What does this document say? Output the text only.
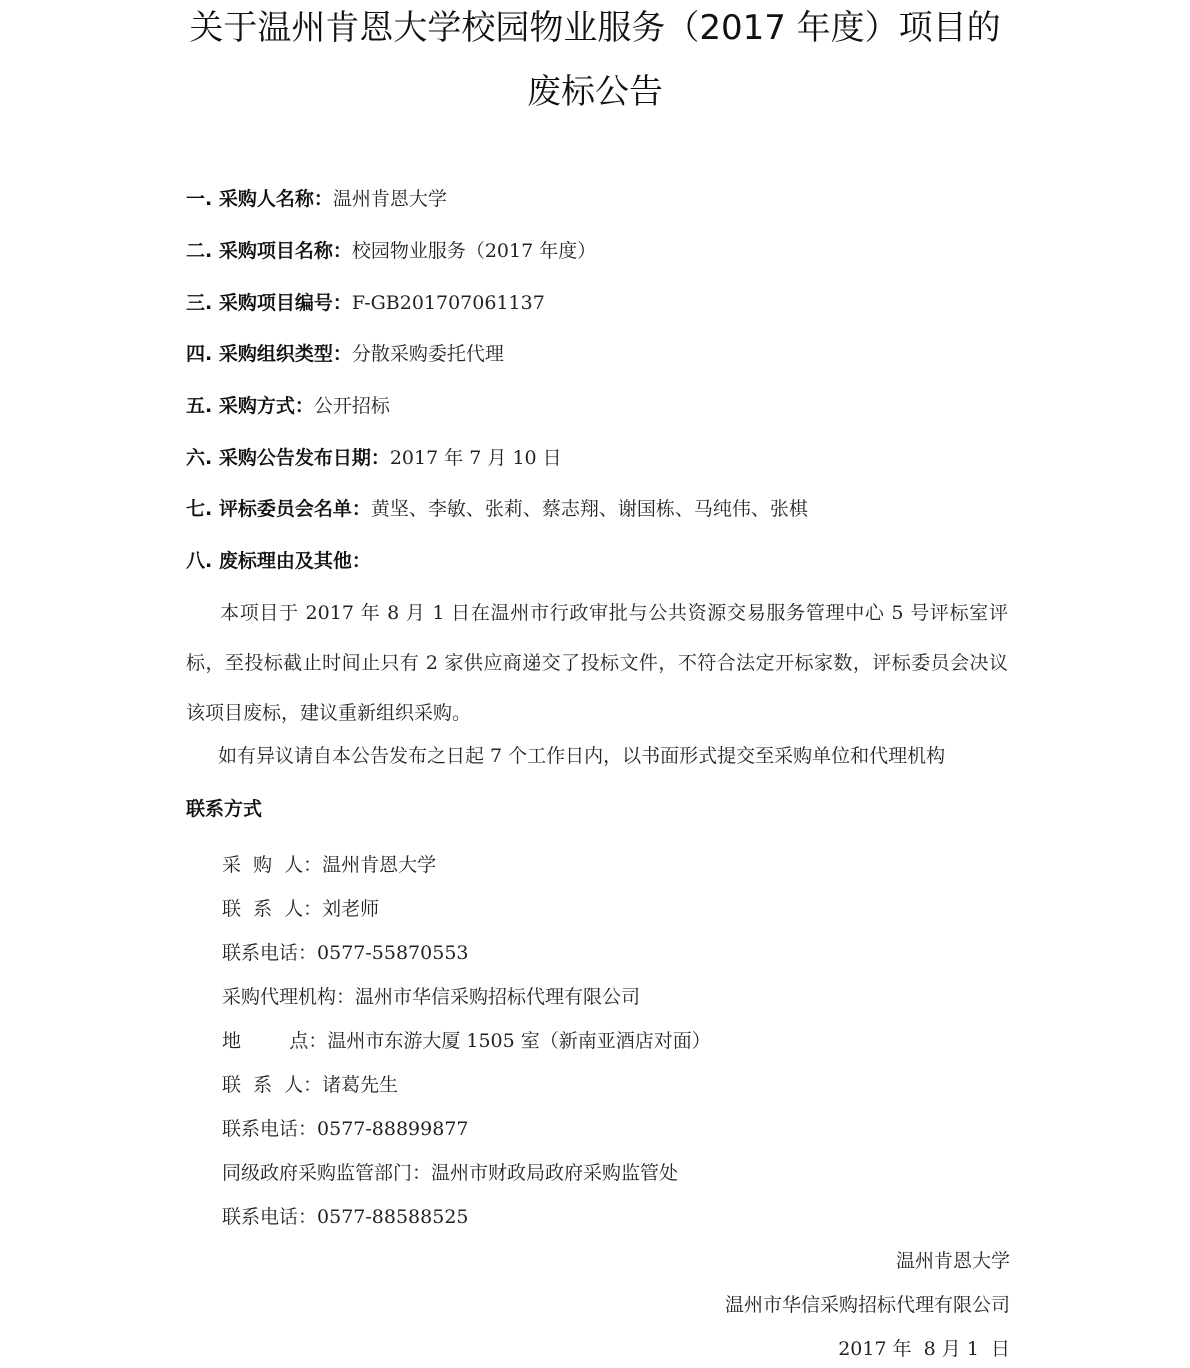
关于温州肯恩大学校园物业服务（2017 年度）项目的
废标公告
一. 采购人名称：温州肯恩大学
二. 采购项目名称：校园物业服务（2017 年度）
三. 采购项目编号：F-GB201707061137
四. 采购组织类型：分散采购委托代理
五. 采购方式：公开招标
六. 采购公告发布日期：2017 年 7 月 10 日
七. 评标委员会名单：黄坚、李敏、张莉、蔡志翔、谢国栋、马纯伟、张棋
八. 废标理由及其他：
本项目于 2017 年 8 月 1 日在温州市行政审批与公共资源交易服务管理中心 5 号评标室评标，至投标截止时间止只有 2 家供应商递交了投标文件，不符合法定开标家数，评标委员会决议该项目废标，建议重新组织采购。
如有异议请自本公告发布之日起 7 个工作日内，以书面形式提交至采购单位和代理机构
联系方式
采  购  人：温州肯恩大学
联  系  人：刘老师
联系电话：0577-55870553
采购代理机构：温州市华信采购招标代理有限公司
地        点：温州市东游大厦 1505 室（新南亚酒店对面）
联  系  人：诸葛先生
联系电话：0577-88899877
同级政府采购监管部门：温州市财政局政府采购监管处
联系电话：0577-88588525
温州肯恩大学
温州市华信采购招标代理有限公司
2017 年  8 月 1  日
